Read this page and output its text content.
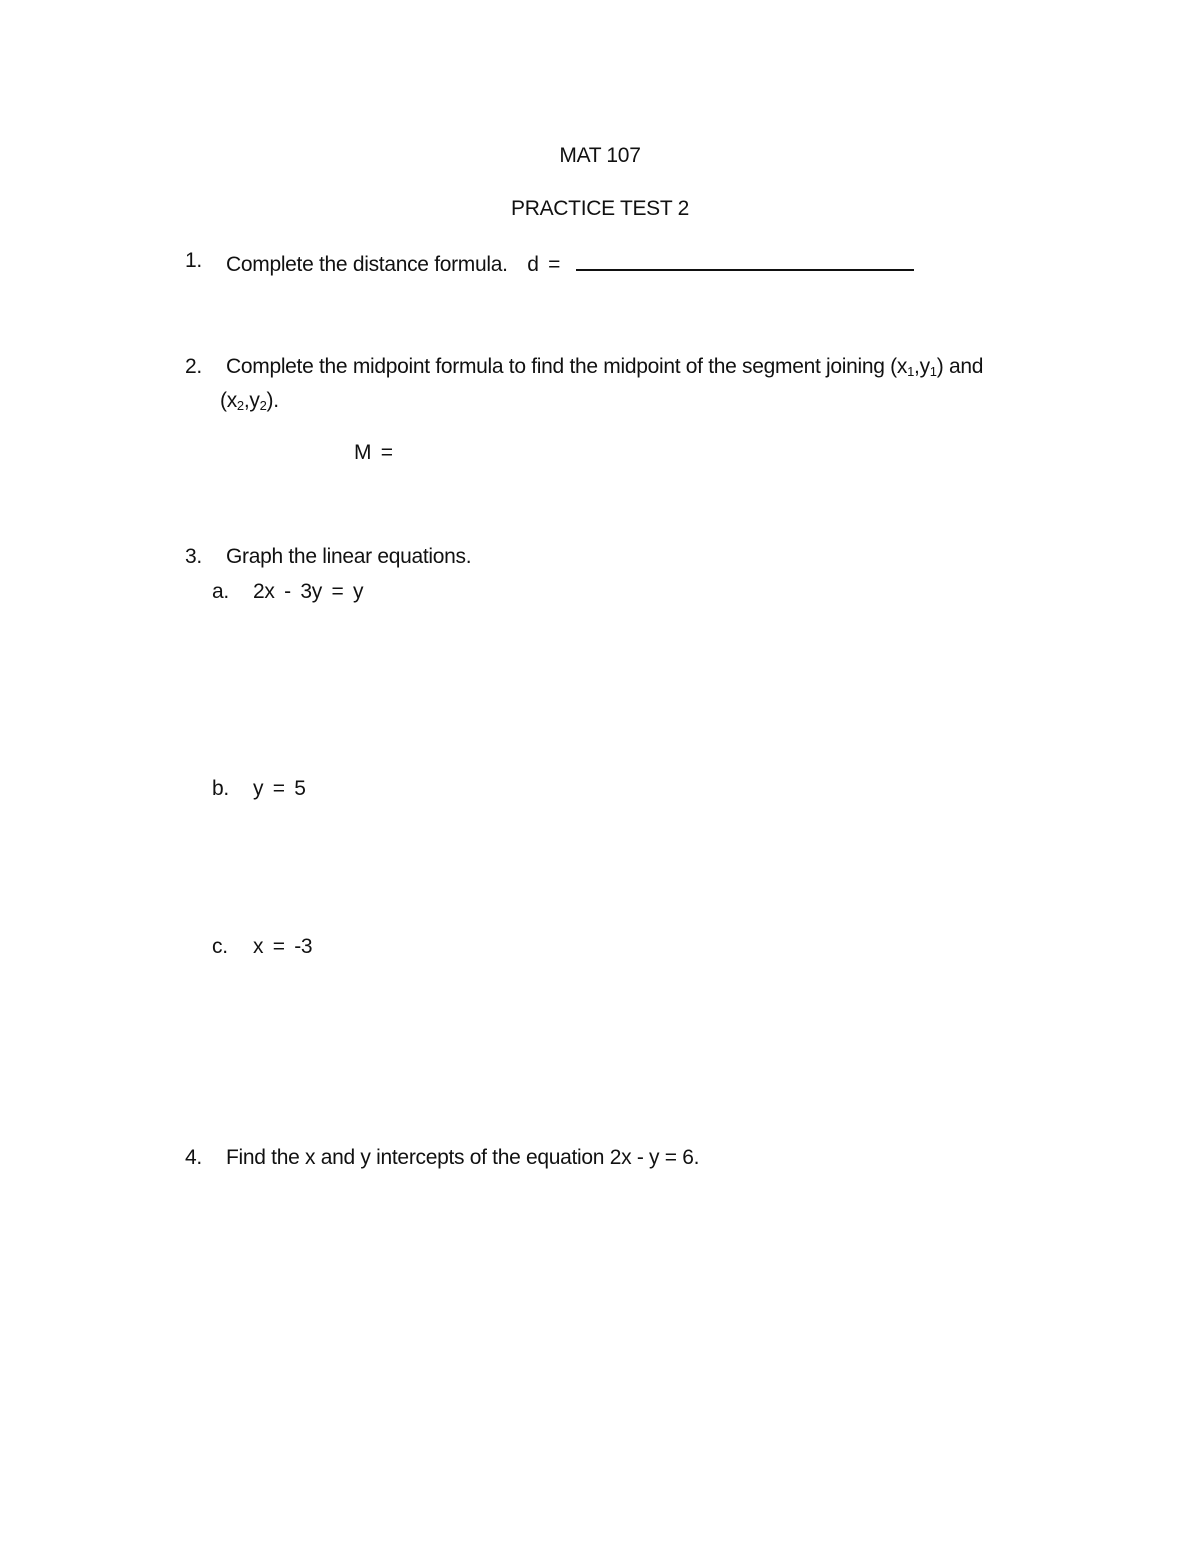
MAT 107
PRACTICE TEST 2
1. Complete the distance formula. d =
2. Complete the midpoint formula to find the midpoint of the segment joining $(x_1,y_1)$ and
$(x_2,y_2)$.
M =
3. Graph the linear equations.
a. 2x - 3y = y
b. y = 5
c. x = -3
4. Find the x and y intercepts of the equation 2x - y = 6.
